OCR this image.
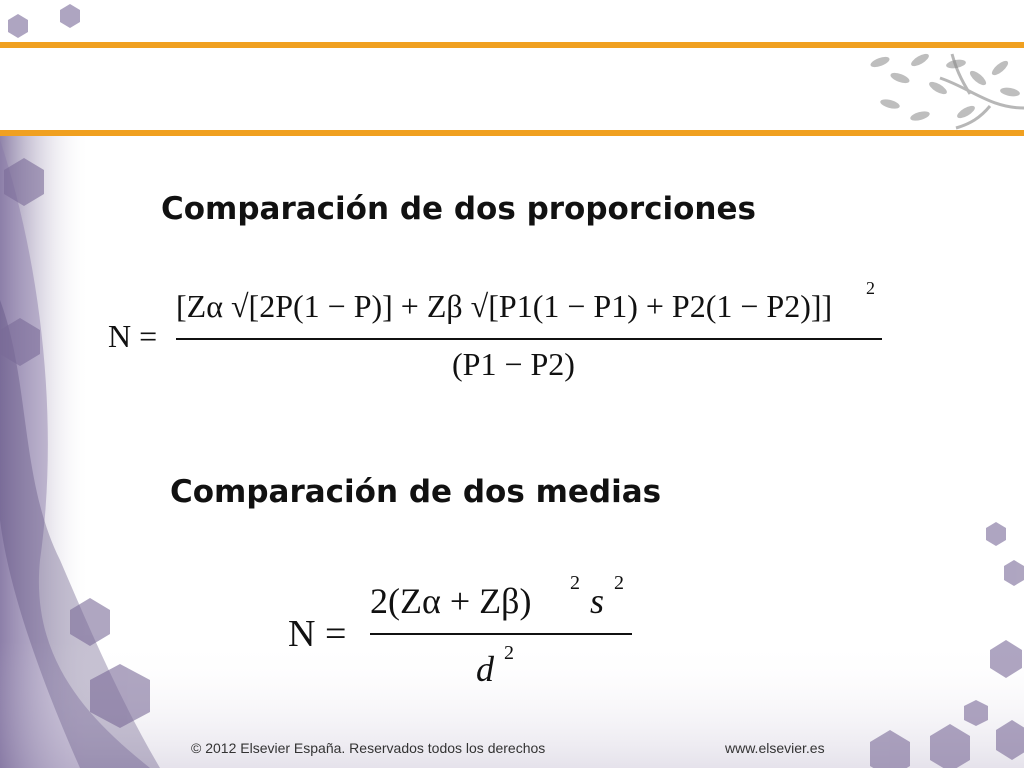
Comparación de dos proporciones
Comparación de dos medias
N =
[Zα √[2P(1 − P)] + Zβ √[P1(1 − P1) + P2(1 − P2)]] 2
(P1 − P2)
N =
2(Zα + Zβ) 2 s 2
d 2
© 2012 Elsevier España. Reservados todos los derechos	www.elsevier.es
